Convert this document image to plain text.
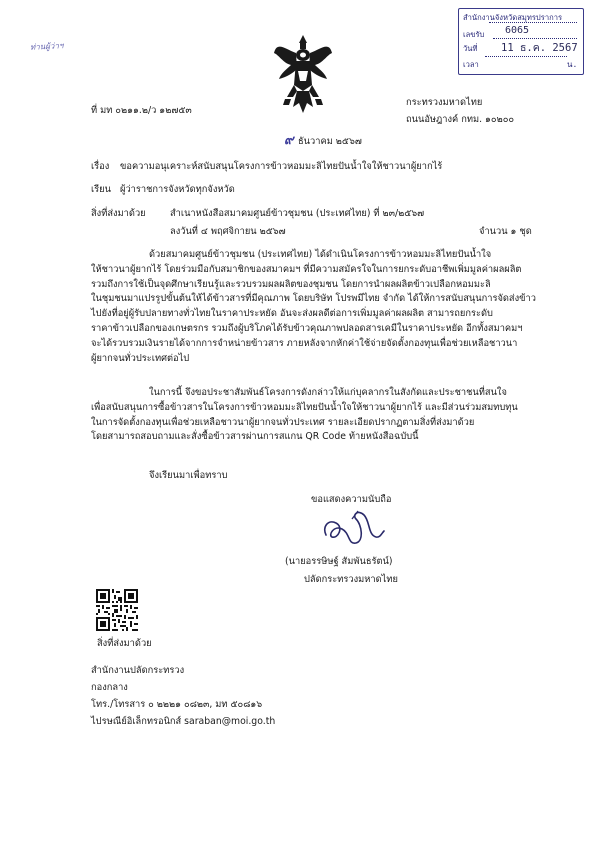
สำนักงานจังหวัดสมุทรปราการ
เลขรับ 6065
วันที่ 11 ธ.ค. 2567
เวลา	น.
ท่านผู้ว่าฯ
ที่ มท ๐๒๑๑.๒/ว ๑๒๗๕๓
กระทรวงมหาดไทย
ถนนอัษฎางค์ กทม. ๑๐๒๐๐
๙ ธันวาคม ๒๕๖๗
เรื่อง ขอความอนุเคราะห์สนับสนุนโครงการข้าวหอมมะลิไทยปันน้ำใจให้ชาวนาผู้ยากไร้
เรียน ผู้ว่าราชการจังหวัดทุกจังหวัด
สิ่งที่ส่งมาด้วย	สำเนาหนังสือสมาคมศูนย์ข้าวชุมชน (ประเทศไทย) ที่ ๒๓/๒๕๖๗
ลงวันที่ ๔ พฤศจิกายน ๒๕๖๗	จำนวน ๑ ชุด
ด้วยสมาคมศูนย์ข้าวชุมชน (ประเทศไทย) ได้ดำเนินโครงการข้าวหอมมะลิไทยปันน้ำใจ
ให้ชาวนาผู้ยากไร้ โดยร่วมมือกับสมาชิกของสมาคมฯ ที่มีความสมัครใจในการยกระดับอาชีพเพิ่มมูลค่าผลผลิต
รวมถึงการใช้เป็นจุดศึกษาเรียนรู้และรวบรวมผลผลิตของชุมชน โดยการนำผลผลิตข้าวเปลือกหอมมะลิ
ในชุมชนมาแปรรูปขั้นต้นให้ได้ข้าวสารที่มีคุณภาพ โดยบริษัท โปรพมีไทย จำกัด ได้ให้การสนับสนุนการจัดส่งข้าว
ไปยังที่อยู่ผู้รับปลายทางทั่วไทยในราคาประหยัด อันจะส่งผลดีต่อการเพิ่มมูลค่าผลผลิต สามารถยกระดับ
ราคาข้าวเปลือกของเกษตรกร รวมถึงผู้บริโภคได้รับข้าวคุณภาพปลอดสารเคมีในราคาประหยัด อีกทั้งสมาคมฯ
จะได้รวบรวมเงินรายได้จากการจำหน่ายข้าวสาร ภายหลังจากหักค่าใช้จ่ายจัดตั้งกองทุนเพื่อช่วยเหลือชาวนา
ผู้ยากจนทั่วประเทศต่อไป
ในการนี้ จึงขอประชาสัมพันธ์โครงการดังกล่าวให้แก่บุคลากรในสังกัดและประชาชนที่สนใจ
เพื่อสนับสนุนการซื้อข้าวสารในโครงการข้าวหอมมะลิไทยปันน้ำใจให้ชาวนาผู้ยากไร้ และมีส่วนร่วมสมทบทุน
ในการจัดตั้งกองทุนเพื่อช่วยเหลือชาวนาผู้ยากจนทั่วประเทศ รายละเอียดปรากฏตามสิ่งที่ส่งมาด้วย
โดยสามารถสอบถามและสั่งซื้อข้าวสารผ่านการสแกน QR Code ท้ายหนังสือฉบับนี้
จึงเรียนมาเพื่อทราบ
ขอแสดงความนับถือ
(นายอรรษิษฐ์ สัมพันธรัตน์)
ปลัดกระทรวงมหาดไทย
สิ่งที่ส่งมาด้วย
สำนักงานปลัดกระทรวง
กองกลาง
โทร./โทรสาร ๐ ๒๒๒๑ ๐๘๒๓, มท ๕๐๘๑๖
ไปรษณีย์อิเล็กทรอนิกส์ saraban@moi.go.th
